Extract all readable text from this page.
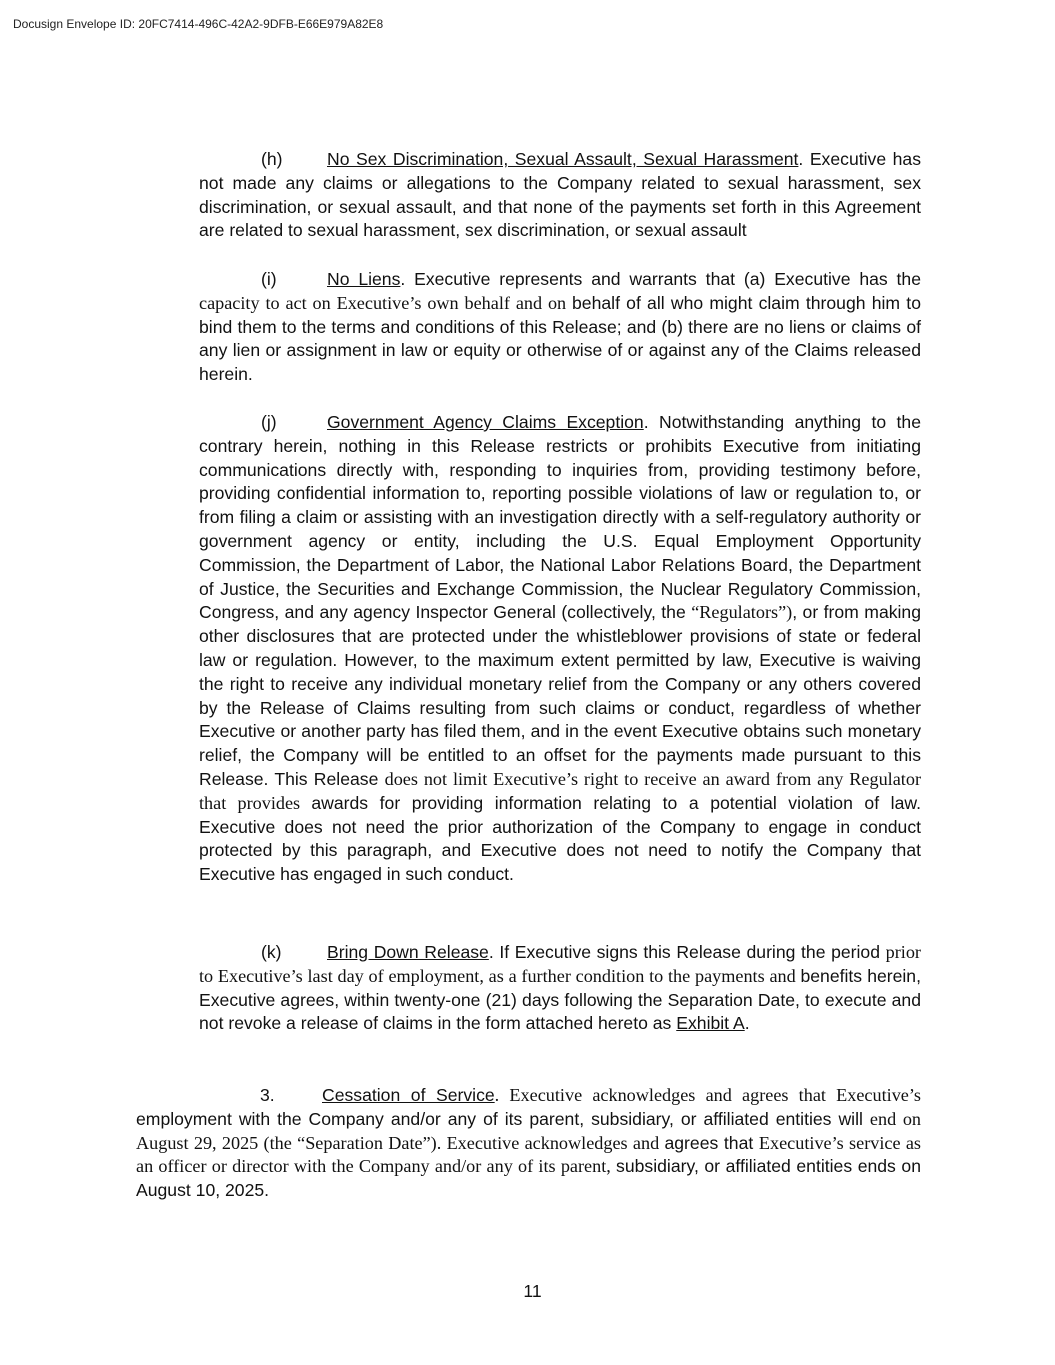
Docusign Envelope ID: 20FC7414-496C-42A2-9DFB-E66E979A82E8
(h)	No Sex Discrimination, Sexual Assault, Sexual Harassment. Executive has not made any claims or allegations to the Company related to sexual harassment, sex discrimination, or sexual assault, and that none of the payments set forth in this Agreement are related to sexual harassment, sex discrimination, or sexual assault
(i)	No Liens. Executive represents and warrants that (a) Executive has the capacity to act on Executive’s own behalf and on behalf of all who might claim through him to bind them to the terms and conditions of this Release; and (b) there are no liens or claims of any lien or assignment in law or equity or otherwise of or against any of the Claims released herein.
(j)	Government Agency Claims Exception. Notwithstanding anything to the contrary herein, nothing in this Release restricts or prohibits Executive from initiating communications directly with, responding to inquiries from, providing testimony before, providing confidential information to, reporting possible violations of law or regulation to, or from filing a claim or assisting with an investigation directly with a self-regulatory authority or government agency or entity, including the U.S. Equal Employment Opportunity Commission, the Department of Labor, the National Labor Relations Board, the Department of Justice, the Securities and Exchange Commission, the Nuclear Regulatory Commission, Congress, and any agency Inspector General (collectively, the “Regulators”), or from making other disclosures that are protected under the whistleblower provisions of state or federal law or regulation. However, to the maximum extent permitted by law, Executive is waiving the right to receive any individual monetary relief from the Company or any others covered by the Release of Claims resulting from such claims or conduct, regardless of whether Executive or another party has filed them, and in the event Executive obtains such monetary relief, the Company will be entitled to an offset for the payments made pursuant to this Release. This Release does not limit Executive’s right to receive an award from any Regulator that provides awards for providing information relating to a potential violation of law. Executive does not need the prior authorization of the Company to engage in conduct protected by this paragraph, and Executive does not need to notify the Company that Executive has engaged in such conduct.
(k)	Bring Down Release. If Executive signs this Release during the period prior to Executive’s last day of employment, as a further condition to the payments and benefits herein, Executive agrees, within twenty-one (21) days following the Separation Date, to execute and not revoke a release of claims in the form attached hereto as Exhibit A.
3.	Cessation of Service. Executive acknowledges and agrees that Executive’s employment with the Company and/or any of its parent, subsidiary, or affiliated entities will end on August 29, 2025 (the “Separation Date”). Executive acknowledges and agrees that Executive’s service as an officer or director with the Company and/or any of its parent, subsidiary, or affiliated entities ends on August 10, 2025.
11
